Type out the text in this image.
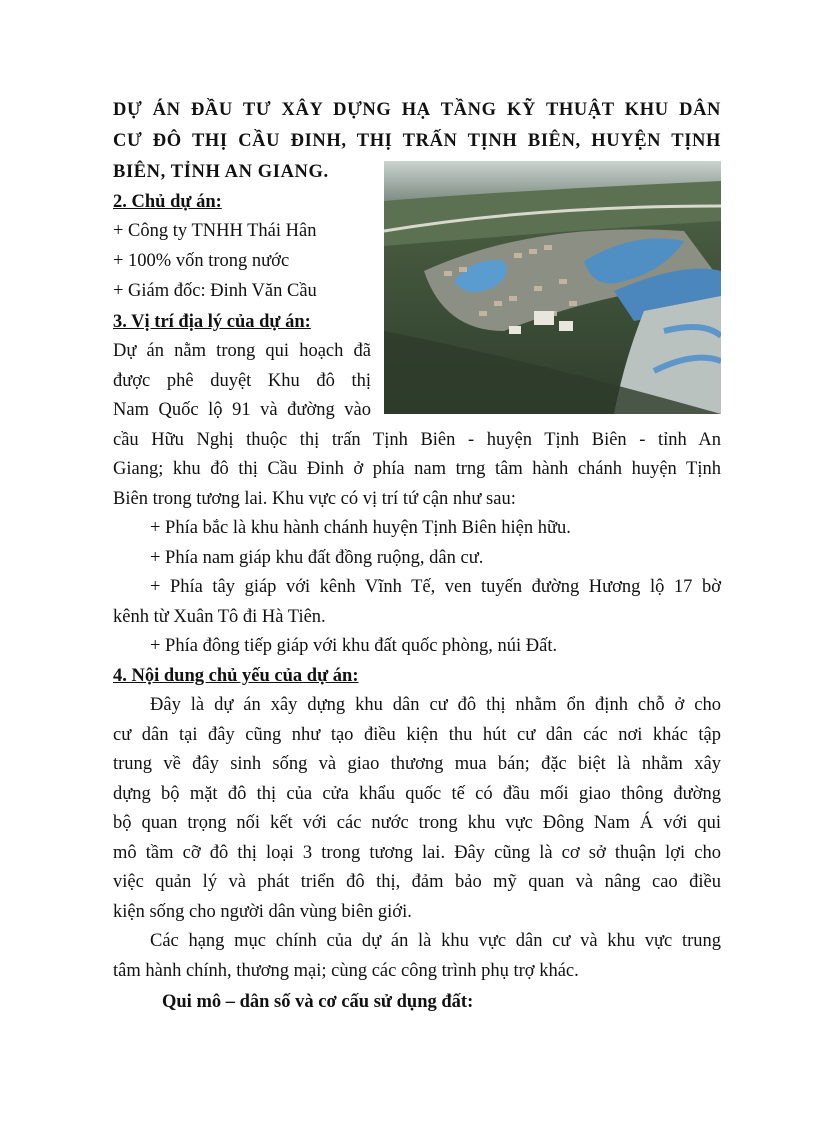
DỰ ÁN ĐẦU TƯ XÂY DỰNG HẠ TẦNG KỸ THUẬT KHU DÂN
CƯ ĐÔ THỊ CẦU ĐINH, THỊ TRẤN TỊNH BIÊN, HUYỆN TỊNH
BIÊN, TỈNH AN GIANG.
2. Chủ dự án:
+ Công ty TNHH Thái Hân
+ 100% vốn trong nước
+ Giám đốc: Đinh Văn Cầu
3. Vị trí địa lý của dự án:
Dự án nằm trong qui hoạch đã
được phê duyệt Khu đô thị
Nam Quốc lộ 91 và đường vào
cầu Hữu Nghị thuộc thị trấn Tịnh Biên - huyện Tịnh Biên - tỉnh An
Giang; khu đô thị Cầu Đinh ở phía nam trng tâm hành chánh huyện Tịnh
Biên trong tương lai. Khu vực có vị trí tứ cận như sau:
+ Phía bắc là khu hành chánh huyện Tịnh Biên hiện hữu.
+ Phía nam giáp khu đất đồng ruộng, dân cư.
+ Phía tây giáp với kênh Vĩnh Tế, ven tuyến đường Hương lộ 17 bờ
kênh từ Xuân Tô đi Hà Tiên.
+ Phía đông tiếp giáp với khu đất quốc phòng, núi Đất.
4. Nội dung chủ yếu của dự án:
Đây là dự án xây dựng khu dân cư đô thị nhằm ổn định chỗ ở cho
cư dân tại đây cũng như tạo điều kiện thu hút cư dân các nơi khác tập
trung về đây sinh sống và giao thương mua bán; đặc biệt là nhằm xây
dựng bộ mặt đô thị của cửa khẩu quốc tế có đầu mối giao thông đường
bộ quan trọng nối kết với các nước trong khu vực Đông Nam Á với qui
mô tầm cỡ đô thị loại 3 trong tương lai. Đây cũng là cơ sở thuận lợi cho
việc quản lý và phát triển đô thị, đảm bảo mỹ quan và nâng cao điều
kiện sống cho người dân vùng biên giới.
Các hạng mục chính của dự án là khu vực dân cư và khu vực trung
tâm hành chính, thương mại; cùng các công trình phụ trợ khác.
Qui mô – dân số và cơ cấu sử dụng đất:
